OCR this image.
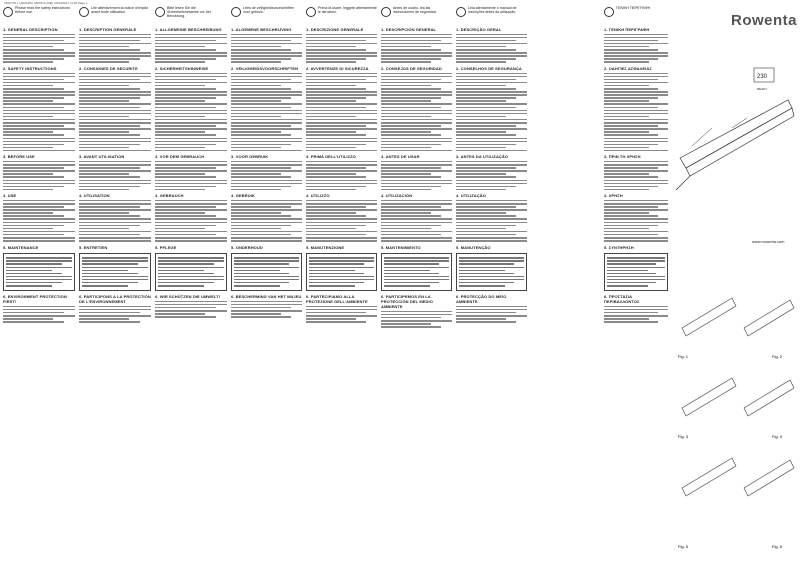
1800 PM 1 CERAMIC 1800119 (MM) 24/03/2011 11:06 Page 1
Please read the safety instructions before use.
1. GENERAL DESCRIPTION
2. SAFETY INSTRUCTIONS
3. BEFORE USE
4. USE
5. MAINTENANCE
6. ENVIRONMENT PROTECTION FIRST!
Lire attentivement la notice d'emploi avant toute utilisation.
1. DESCRIPTION GENERALE
2. CONSIGNES DE SECURITE
3. AVANT UTILISATION
4. UTILISATION
5. ENTRETIEN
6. PARTICIPONS A LA PROTECTION DE L'ENVIRONNEMENT
Bitte lesen Sie die Sicherheitshinweise vor der Benutzung.
1. ALLGEMEINE BESCHREIBUNG
2. SICHERHEITSHINWEISE
3. VOR DEM GEBRAUCH
4. GEBRAUCH
5. PFLEGE
6. WIR SCHÜTZEN DIE UMWELT!
Lees de veiligheidsvoorschriften voor gebruik.
1. ALGEMENE BESCHRIJVING
2. VEILIGHEIDSVOORSCHRIFTEN
3. VOOR GEBRUIK
4. GEBRUIK
5. ONDERHOUD
6. BESCHERMING VAN HET MILIEU
Prima di usare, leggete attentamente le istruzioni.
1. DESCRIZIONE GENERALE
2. AVVERTENZE DI SICUREZZA
3. PRIMA DELL'UTILIZZO
4. UTILIZZO
5. MANUTENZIONE
6. PARTECIPIAMO ALLA PROTEZIONE DELL'AMBIENTE
Antes de usarlo, lea las instrucciones de seguridad.
1. DESCRIPCIÓN GENERAL
2. CONSEJOS DE SEGURIDAD
3. ANTES DE USAR
4. UTILIZACIÓN
5. MANTENIMIENTO
6. PARTICIPEMOS EN LA PROTECCIÓN DEL MEDIO AMBIENTE
Leia atentamente o manual de instruções antes da utilização.
1. DESCRIÇÃO GERAL
2. CONSELHOS DE SEGURANÇA
3. ANTES DA UTILIZAÇÃO
4. UTILIZAÇÃO
5. MANUTENÇÃO
6. PROTECÇÃO DO MEIO AMBIENTE
ΓΕΝΙΚΗ ΠΕΡΙΓΡΑΦΗ
1. ΓΕΝΙΚΗ ΠΕΡΙΓΡΑΦΗ
2. ΟΔΗΓΙΕΣ ΑΣΦΑΛΕΙΑΣ
3. ΠΡΙΝ ΤΗ ΧΡΗΣΗ
4. ΧΡΗΣΗ
5. ΣΥΝΤΗΡΗΣΗ
6. ΠΡΟΣΤΑΣΙΑ ΠΕΡΙΒΑΛΛΟΝΤΟΣ
Rowenta
230
READY
www.rowenta.com
Fig. 1	Fig. 2
Fig. 3	Fig. 4
Fig. 5	Fig. 6
